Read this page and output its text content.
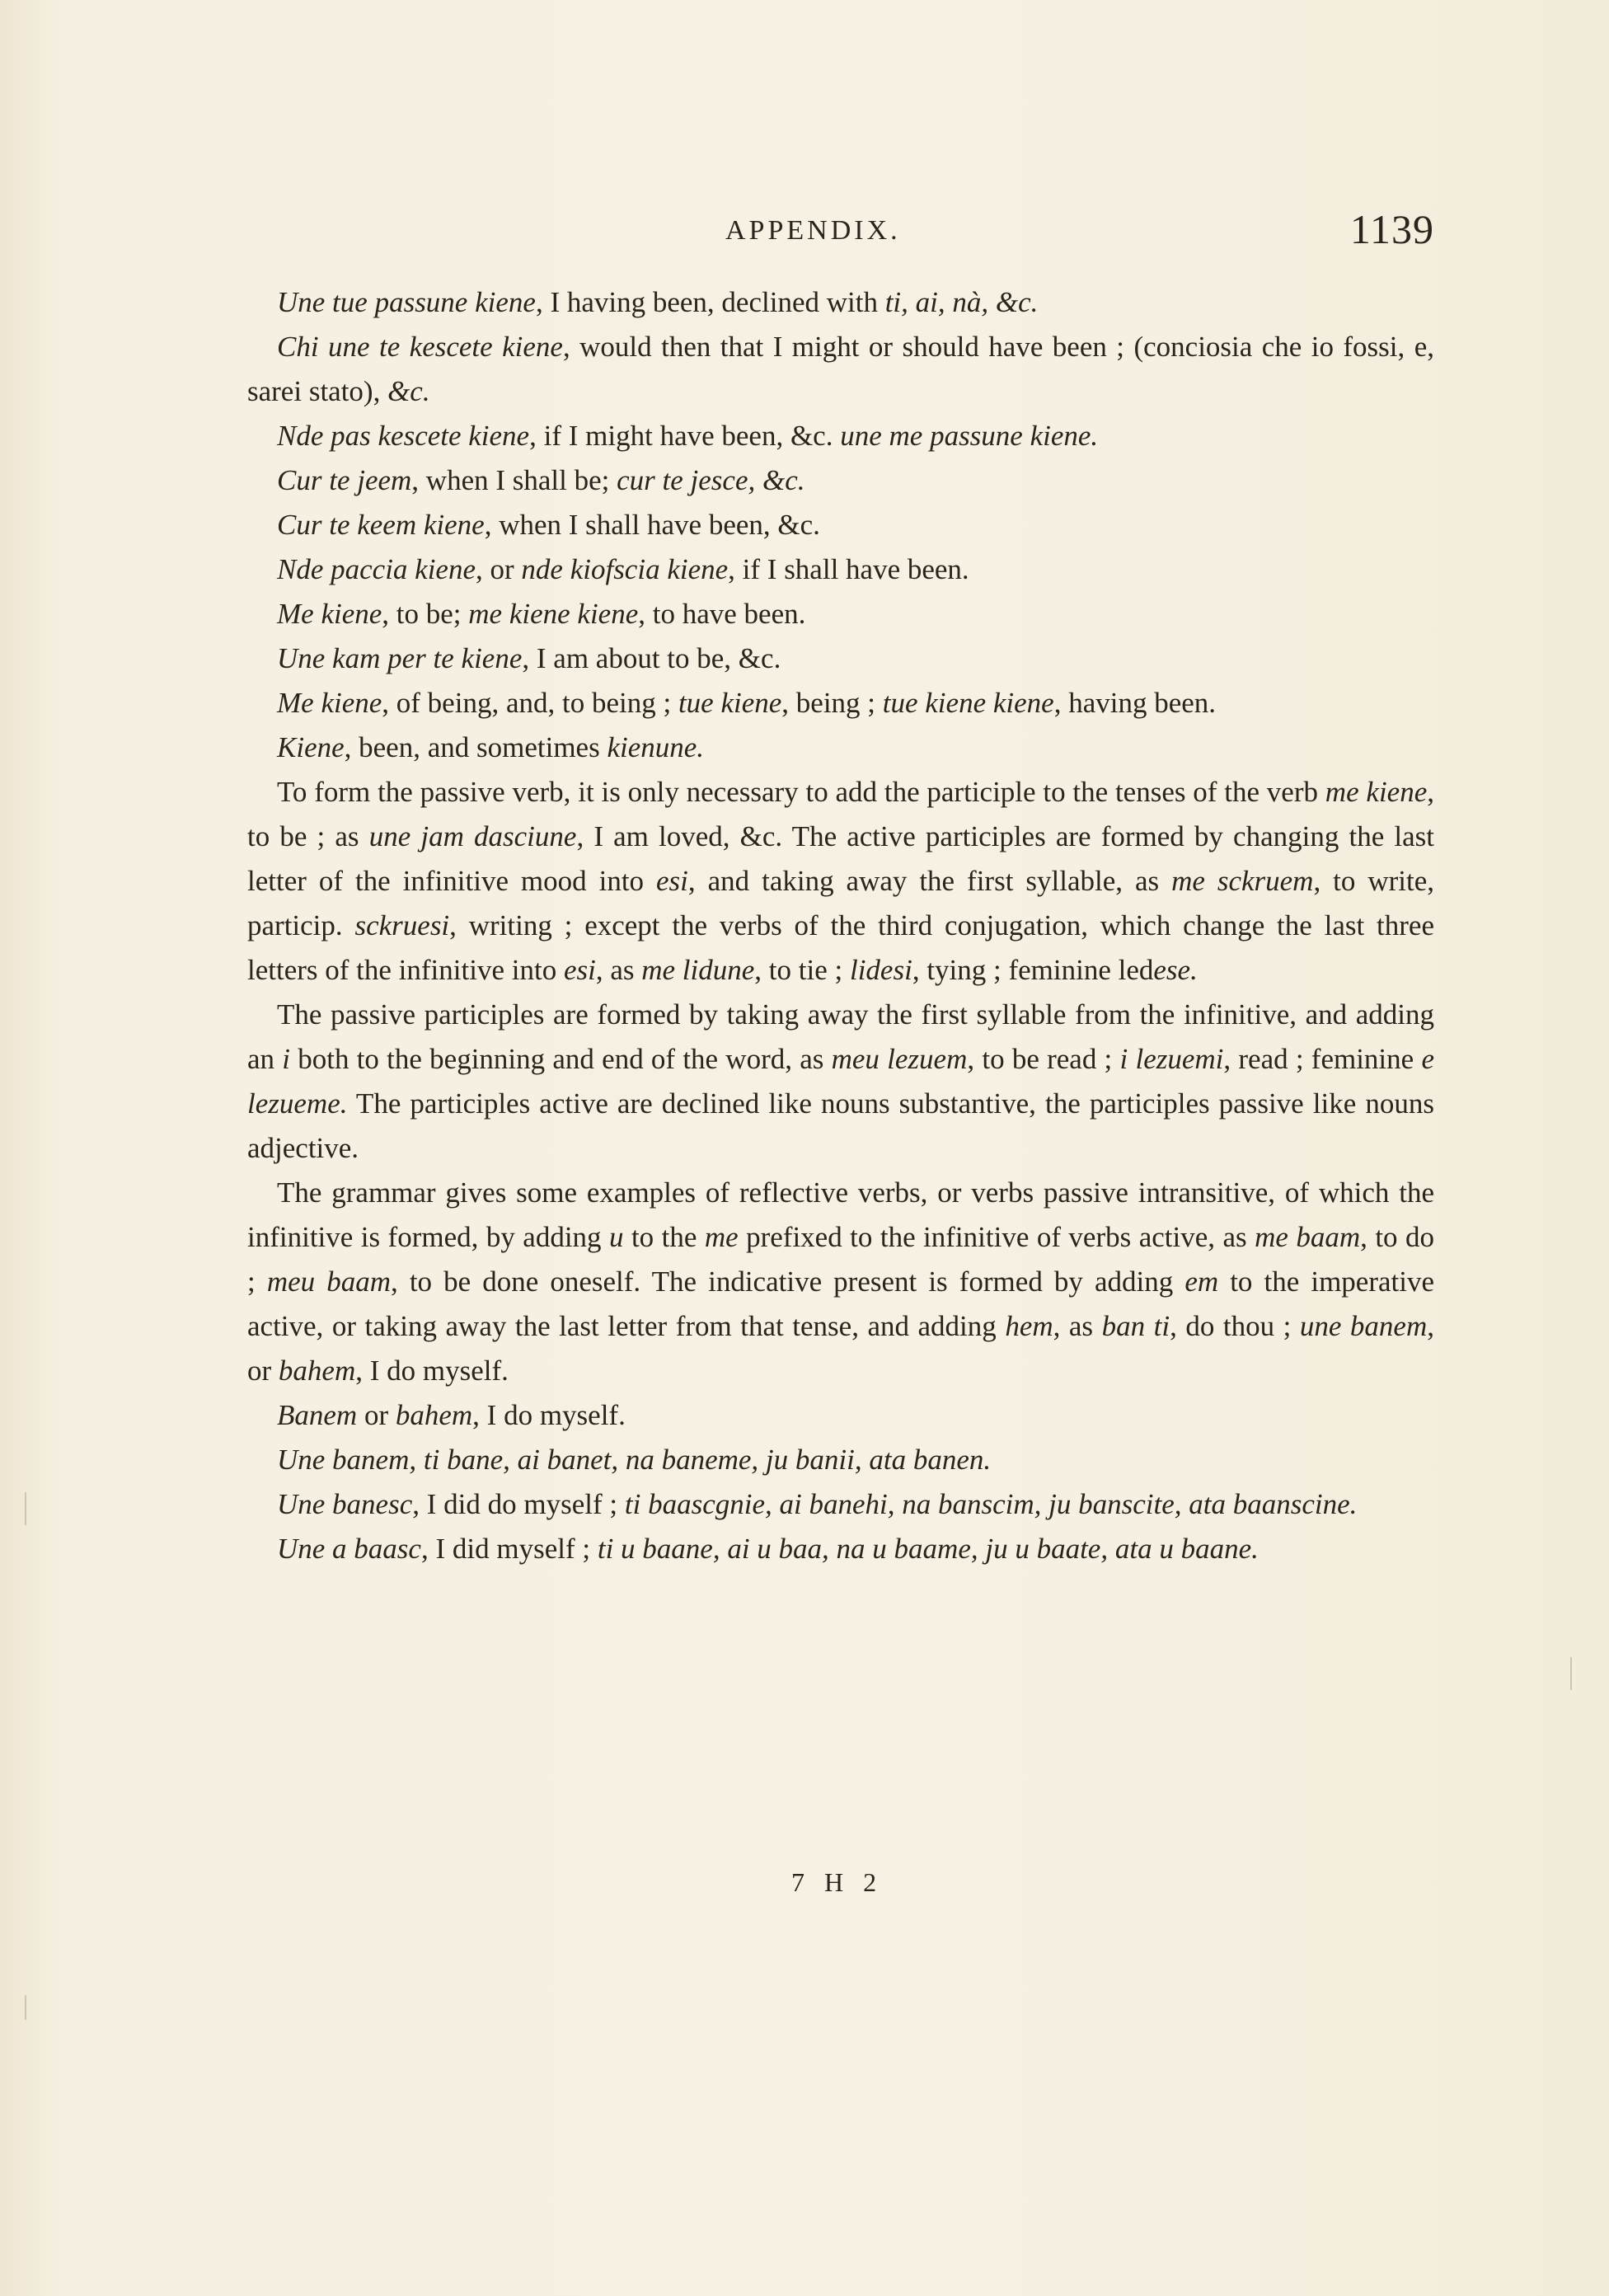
APPENDIX.	1139

Une tue passune kiene, I having been, declined with ti, ai, nà, &c.

Chi une te kescete kiene, would then that I might or should have been ; (conciosia che io fossi, e, sarei stato), &c.

Nde pas kescete kiene, if I might have been, &c. une me passune kiene.

Cur te jeem, when I shall be; cur te jesce, &c.

Cur te keem kiene, when I shall have been, &c.

Nde paccia kiene, or nde kiofscia kiene, if I shall have been.

Me kiene, to be; me kiene kiene, to have been.

Une kam per te kiene, I am about to be, &c.

Me kiene, of being, and, to being ; tue kiene, being ; tue kiene kiene, having been.

Kiene, been, and sometimes kienune.

To form the passive verb, it is only necessary to add the participle to the tenses of the verb me kiene, to be ; as une jam dasciune, I am loved, &c. The active participles are formed by changing the last letter of the infinitive mood into esi, and taking away the first syllable, as me sckruem, to write, particip. sckruesi, writing ; except the verbs of the third conjugation, which change the last three letters of the infinitive into esi, as me lidune, to tie ; lidesi, tying ; feminine ledese.

The passive participles are formed by taking away the first syllable from the infinitive, and adding an i both to the beginning and end of the word, as meu lezuem, to be read ; i lezuemi, read ; feminine e lezueme. The participles active are declined like nouns substantive, the participles passive like nouns adjective.

The grammar gives some examples of reflective verbs, or verbs passive intransitive, of which the infinitive is formed, by adding u to the me prefixed to the infinitive of verbs active, as me baam, to do ; meu baam, to be done oneself. The indicative present is formed by adding em to the imperative active, or taking away the last letter from that tense, and adding hem, as ban ti, do thou ; une banem, or bahem, I do myself.

Banem or bahem, I do myself.

Une banem, ti bane, ai banet, na baneme, ju banii, ata banen.

Une banesc, I did do myself ; ti baascgnie, ai banehi, na banscim, ju banscite, ata baanscine.

Une a baasc, I did myself ; ti u baane, ai u baa, na u baame, ju u baate, ata u baane.

7 H 2
